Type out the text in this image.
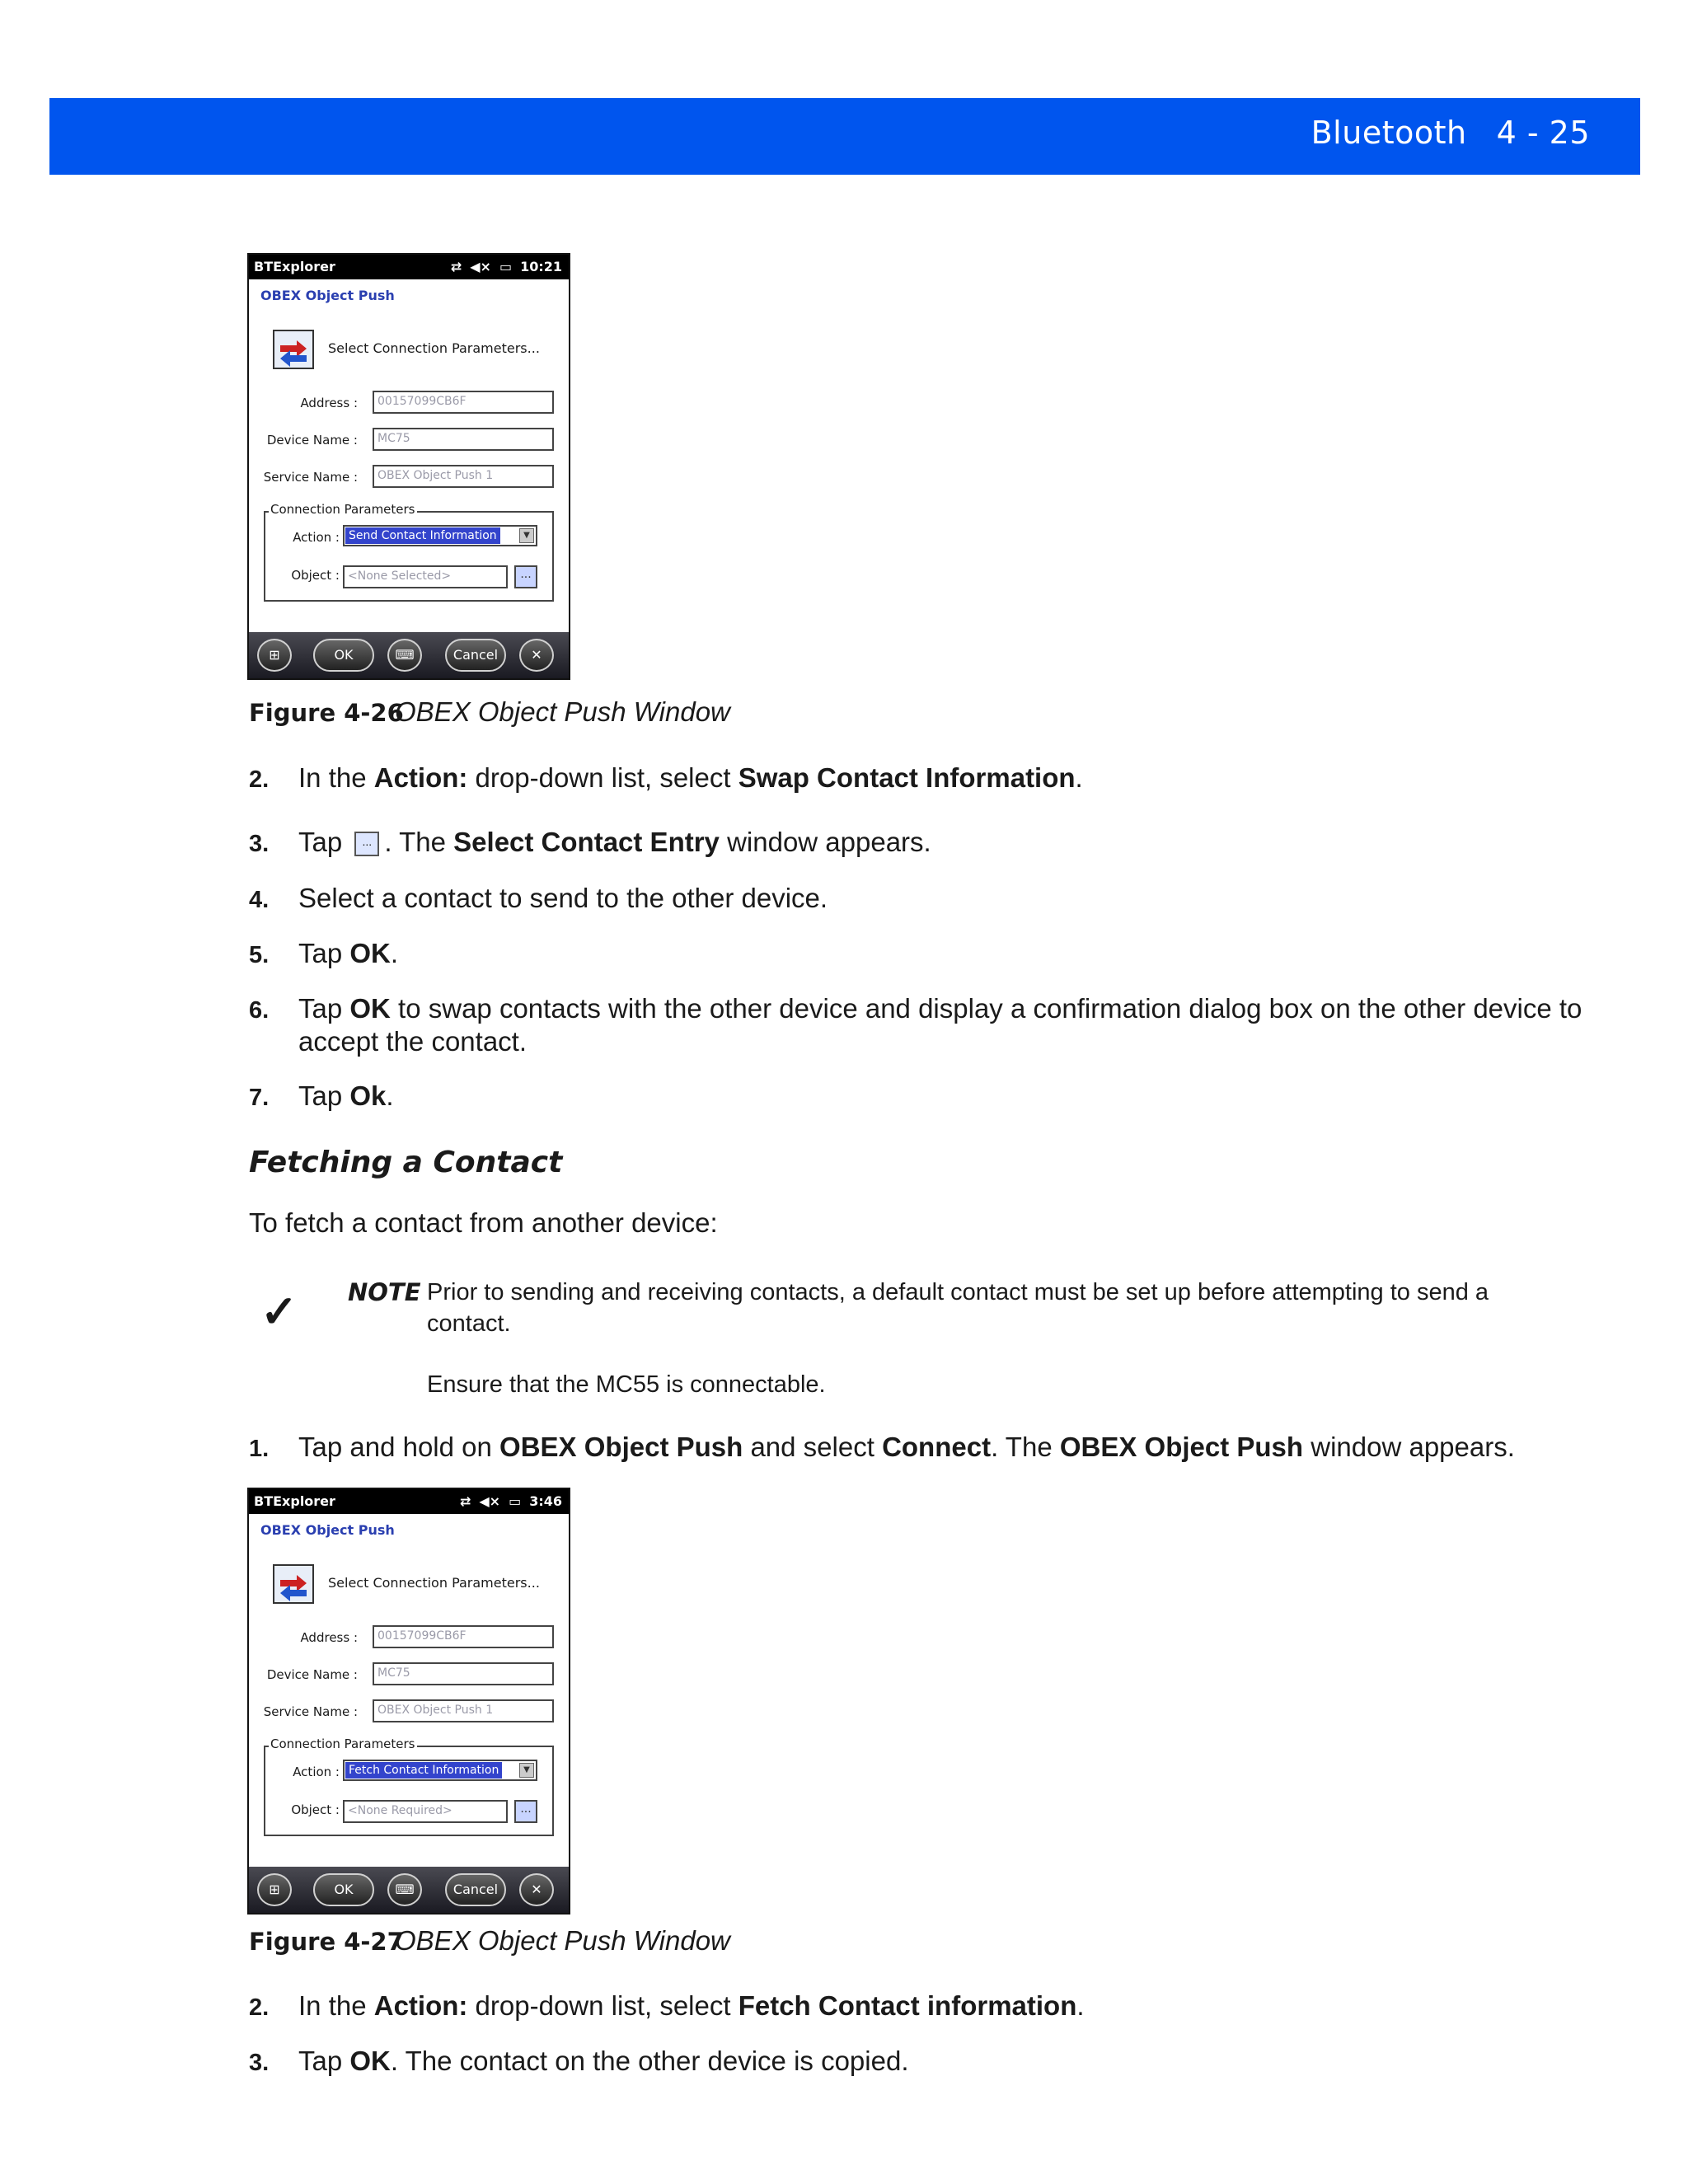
Bluetooth 4 - 25
BTExplorer	⇄ ◀× ▭ 10:21
OBEX Object Push
Select Connection Parameters...
Address :	00157099CB6F
Device Name :	MC75
Service Name :	OBEX Object Push 1
Connection Parameters
Action : Send Contact Information	▼
Object : <None Selected>	...
⊞	OK	⌨	Cancel	✕
Figure 4-26
OBEX Object Push Window
2. In the Action: drop-down list, select Swap Contact Information.
3. Tap ... . The Select Contact Entry window appears.
4. Select a contact to send to the other device.
5. Tap OK.
6. Tap OK to swap contacts with the other device and display a confirmation dialog box on the other device to
accept the contact.
7. Tap Ok.
Fetching a Contact
To fetch a contact from another device:
✓ NOTE Prior to sending and receiving contacts, a default contact must be set up before attempting to send a
contact.
Ensure that the MC55 is connectable.
1. Tap and hold on OBEX Object Push and select Connect. The OBEX Object Push window appears.
BTExplorer	⇄ ◀× ▭ 3:46
OBEX Object Push
Select Connection Parameters...
Address :	00157099CB6F
Device Name :	MC75
Service Name :	OBEX Object Push 1
Connection Parameters
Action : Fetch Contact Information	▼
Object : <None Required>	...
⊞	OK	⌨	Cancel	✕
Figure 4-27
OBEX Object Push Window
2. In the Action: drop-down list, select Fetch Contact information.
3. Tap OK. The contact on the other device is copied.
